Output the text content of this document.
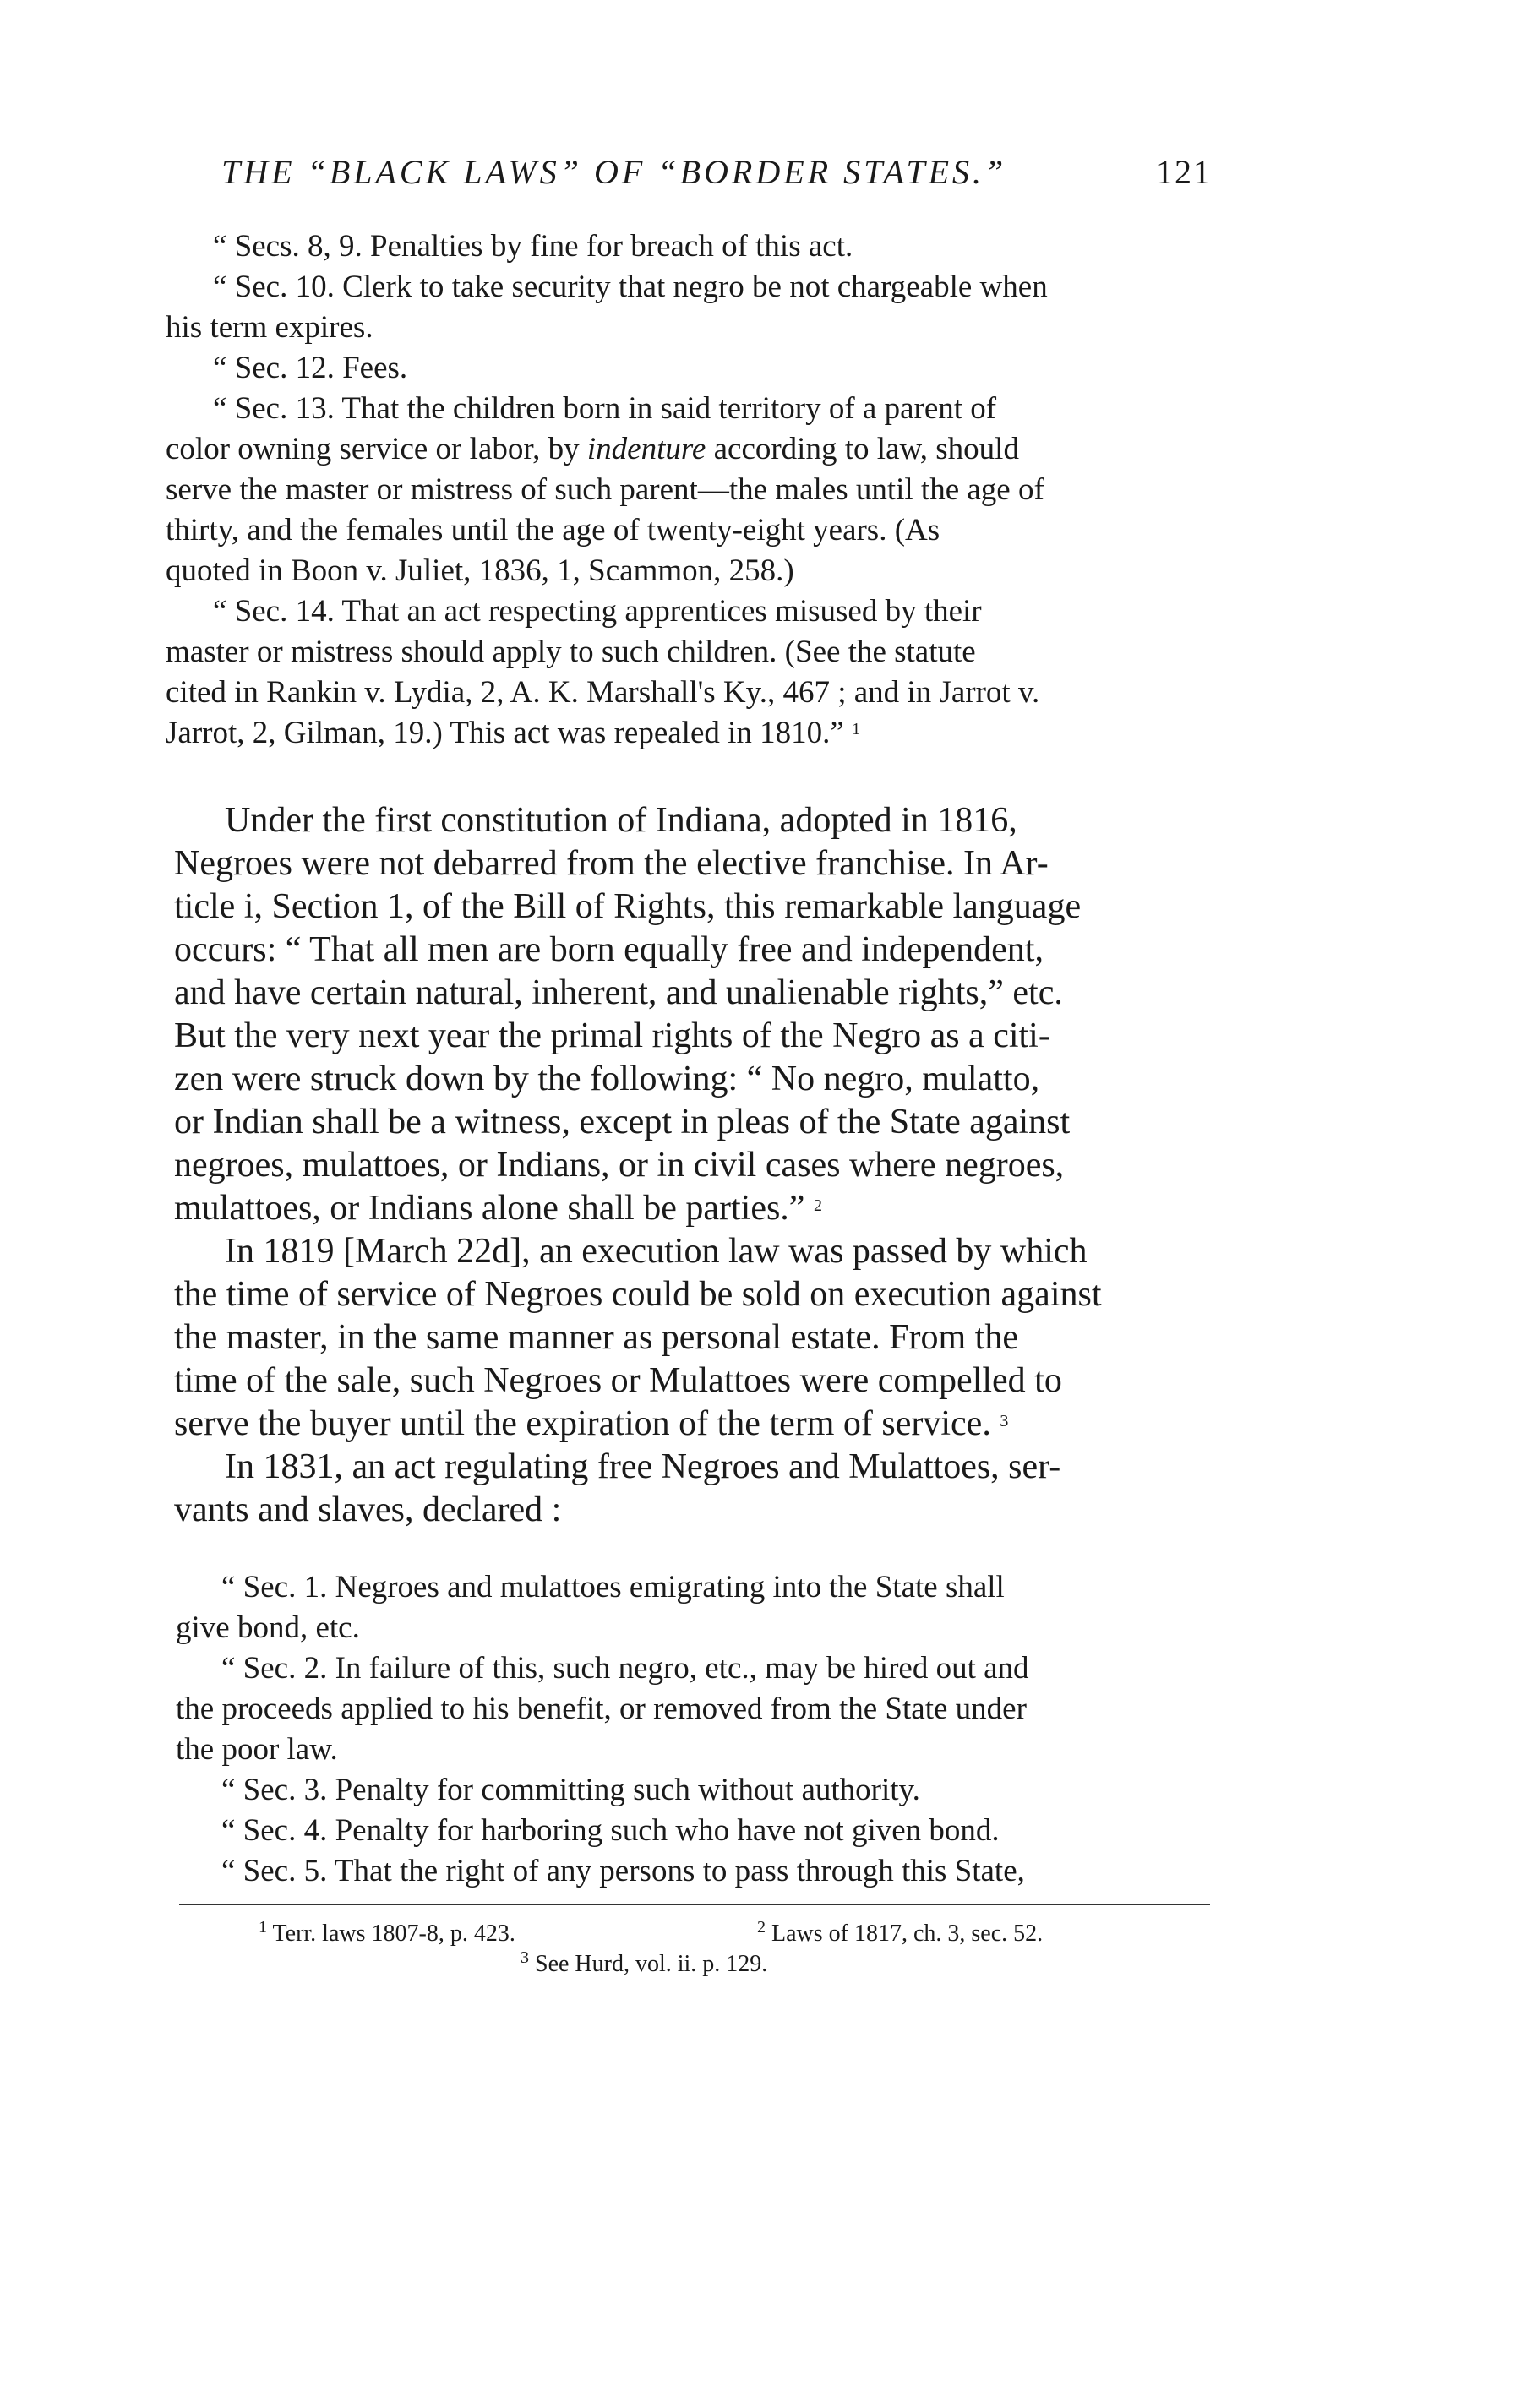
THE “BLACK LAWS” OF “BORDER STATES.”	121
“ Secs. 8, 9. Penalties by fine for breach of this act.
“ Sec. 10. Clerk to take security that negro be not chargeable when
his term expires.
“ Sec. 12. Fees.
“ Sec. 13. That the children born in said territory of a parent of
color owning service or labor, by indenture according to law, should
serve the master or mistress of such parent—the males until the age of
thirty, and the females until the age of twenty-eight years. (As
quoted in Boon v. Juliet, 1836, 1, Scammon, 258.)
“ Sec. 14. That an act respecting apprentices misused by their
master or mistress should apply to such children. (See the statute
cited in Rankin v. Lydia, 2, A. K. Marshall's Ky., 467 ; and in Jarrot v.
Jarrot, 2, Gilman, 19.) This act was repealed in 1810.” $^1$
Under the first constitution of Indiana, adopted in 1816,
Negroes were not debarred from the elective franchise. In Ar-
ticle i, Section 1, of the Bill of Rights, this remarkable language
occurs: “ That all men are born equally free and independent,
and have certain natural, inherent, and unalienable rights,” etc.
But the very next year the primal rights of the Negro as a citi-
zen were struck down by the following: “ No negro, mulatto,
or Indian shall be a witness, except in pleas of the State against
negroes, mulattoes, or Indians, or in civil cases where negroes,
mulattoes, or Indians alone shall be parties.” $^2$
In 1819 [March 22d], an execution law was passed by which
the time of service of Negroes could be sold on execution against
the master, in the same manner as personal estate. From the
time of the sale, such Negroes or Mulattoes were compelled to
serve the buyer until the expiration of the term of service. $^3$
In 1831, an act regulating free Negroes and Mulattoes, ser-
vants and slaves, declared :
“ Sec. 1. Negroes and mulattoes emigrating into the State shall
give bond, etc.
“ Sec. 2. In failure of this, such negro, etc., may be hired out and
the proceeds applied to his benefit, or removed from the State under
the poor law.
“ Sec. 3. Penalty for committing such without authority.
“ Sec. 4. Penalty for harboring such who have not given bond.
“ Sec. 5. That the right of any persons to pass through this State,
$^1$ Terr. laws 1807-8, p. 423.	$^2$ Laws of 1817, ch. 3, sec. 52.
$^3$ See Hurd, vol. ii. p. 129.
